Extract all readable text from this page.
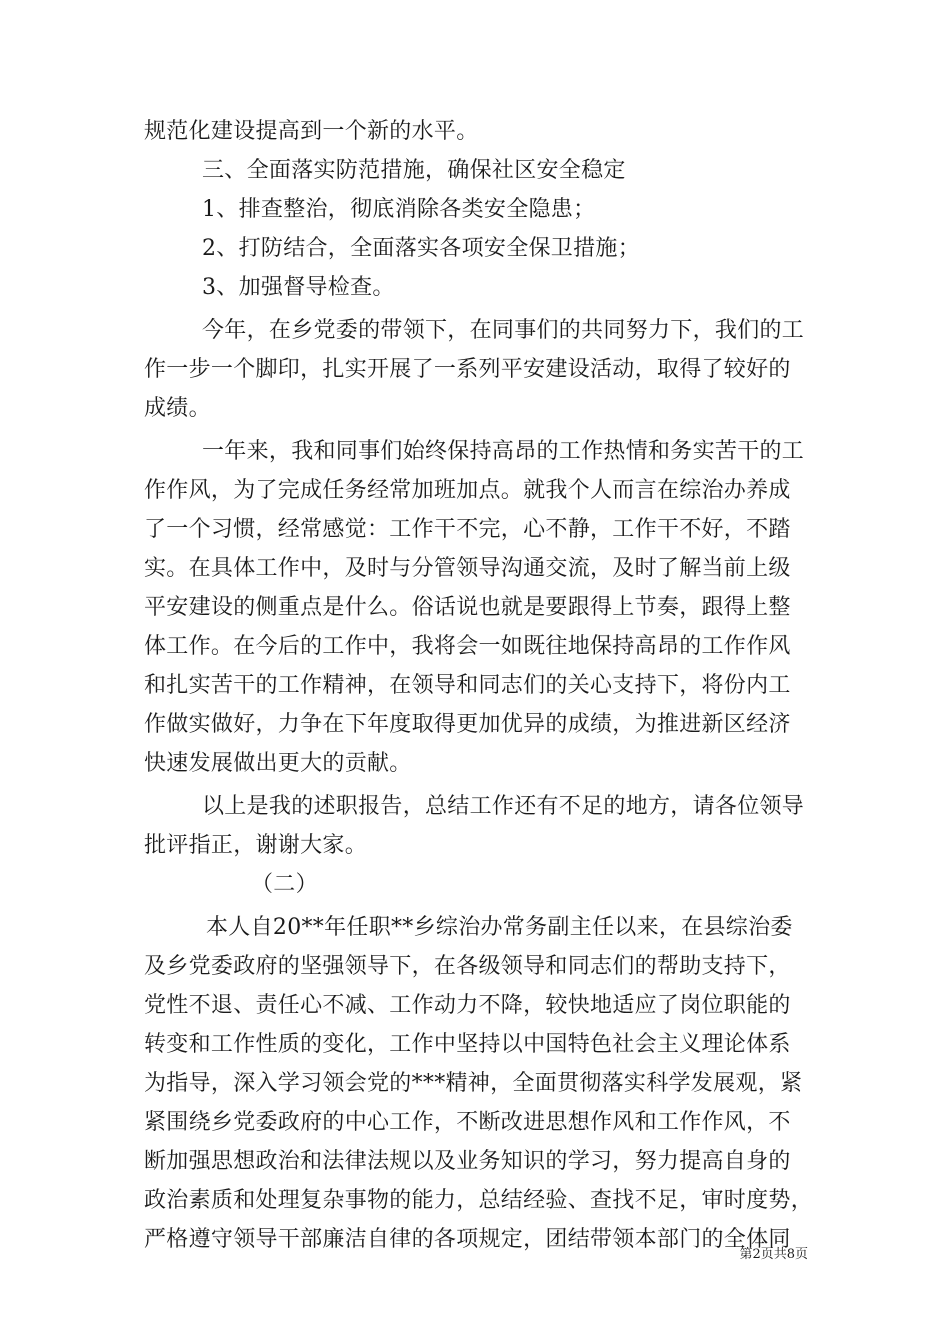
规范化建设提高到一个新的水平。
三、全面落实防范措施，确保社区安全稳定
1、排查整治，彻底消除各类安全隐患；
2、打防结合，全面落实各项安全保卫措施；
3、加强督导检查。
今年，在乡党委的带领下，在同事们的共同努力下，我们的工
作一步一个脚印，扎实开展了一系列平安建设活动，取得了较好的
成绩。
一年来，我和同事们始终保持高昂的工作热情和务实苦干的工
作作风，为了完成任务经常加班加点。就我个人而言在综治办养成
了一个习惯，经常感觉：工作干不完，心不静，工作干不好，不踏
实。在具体工作中，及时与分管领导沟通交流，及时了解当前上级
平安建设的侧重点是什么。俗话说也就是要跟得上节奏，跟得上整
体工作。在今后的工作中，我将会一如既往地保持高昂的工作作风
和扎实苦干的工作精神，在领导和同志们的关心支持下，将份内工
作做实做好，力争在下年度取得更加优异的成绩，为推进新区经济
快速发展做出更大的贡献。
以上是我的述职报告，总结工作还有不足的地方，请各位领导
批评指正，谢谢大家。
（二）
本人自20**年任职**乡综治办常务副主任以来，在县综治委
及乡党委政府的坚强领导下，在各级领导和同志们的帮助支持下，
党性不退、责任心不减、工作动力不降，较快地适应了岗位职能的
转变和工作性质的变化，工作中坚持以中国特色社会主义理论体系
为指导，深入学习领会党的***精神，全面贯彻落实科学发展观，紧
紧围绕乡党委政府的中心工作，不断改进思想作风和工作作风，不
断加强思想政治和法律法规以及业务知识的学习，努力提高自身的
政治素质和处理复杂事物的能力，总结经验、查找不足，审时度势，
严格遵守领导干部廉洁自律的各项规定，团结带领本部门的全体同
第2页共8页
